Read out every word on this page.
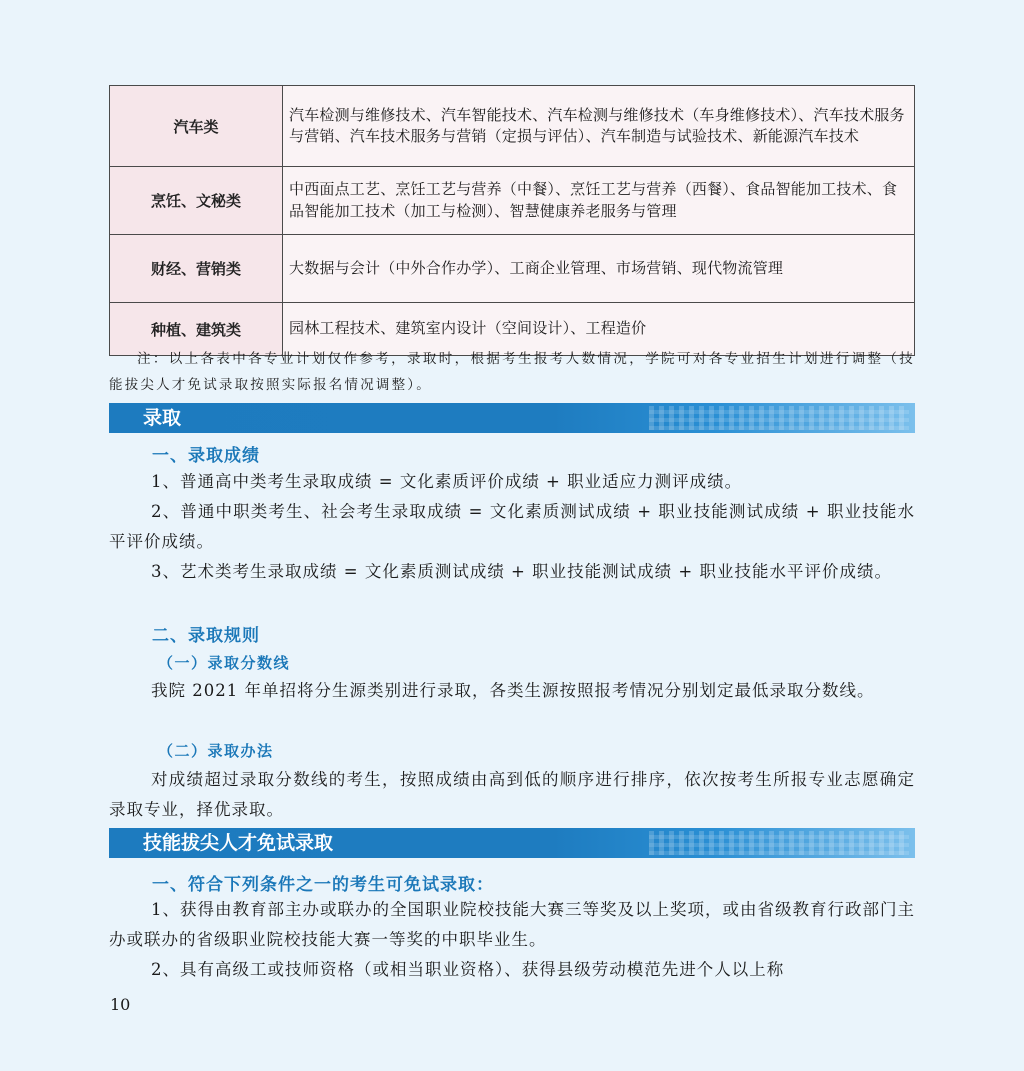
汽车类	汽车检测与维修技术、汽车智能技术、汽车检测与维修技术（车身维修技术）、汽车技术服务与营销、汽车技术服务与营销（定损与评估）、汽车制造与试验技术、新能源汽车技术
烹饪、文秘类	中西面点工艺、烹饪工艺与营养（中餐）、烹饪工艺与营养（西餐）、食品智能加工技术、食品智能加工技术（加工与检测）、智慧健康养老服务与管理
财经、营销类	大数据与会计（中外合作办学）、工商企业管理、市场营销、现代物流管理
种植、建筑类	园林工程技术、建筑室内设计（空间设计）、工程造价
注：以上各表中各专业计划仅作参考，录取时，根据考生报考人数情况，学院可对各专业招生计划进行调整（技能拔尖人才免试录取按照实际报名情况调整）。
录取
一、录取成绩
1、普通高中类考生录取成绩 = 文化素质评价成绩 + 职业适应力测评成绩。
2、普通中职类考生、社会考生录取成绩 = 文化素质测试成绩 + 职业技能测试成绩 + 职业技能水平评价成绩。
3、艺术类考生录取成绩 = 文化素质测试成绩 + 职业技能测试成绩 + 职业技能水平评价成绩。
二、录取规则
（一）录取分数线
我院 2021 年单招将分生源类别进行录取，各类生源按照报考情况分别划定最低录取分数线。
（二）录取办法
对成绩超过录取分数线的考生，按照成绩由高到低的顺序进行排序，依次按考生所报专业志愿确定录取专业，择优录取。
技能拔尖人才免试录取
一、符合下列条件之一的考生可免试录取：
1、获得由教育部主办或联办的全国职业院校技能大赛三等奖及以上奖项，或由省级教育行政部门主办或联办的省级职业院校技能大赛一等奖的中职毕业生。
2、具有高级工或技师资格（或相当职业资格）、获得县级劳动模范先进个人以上称
10
